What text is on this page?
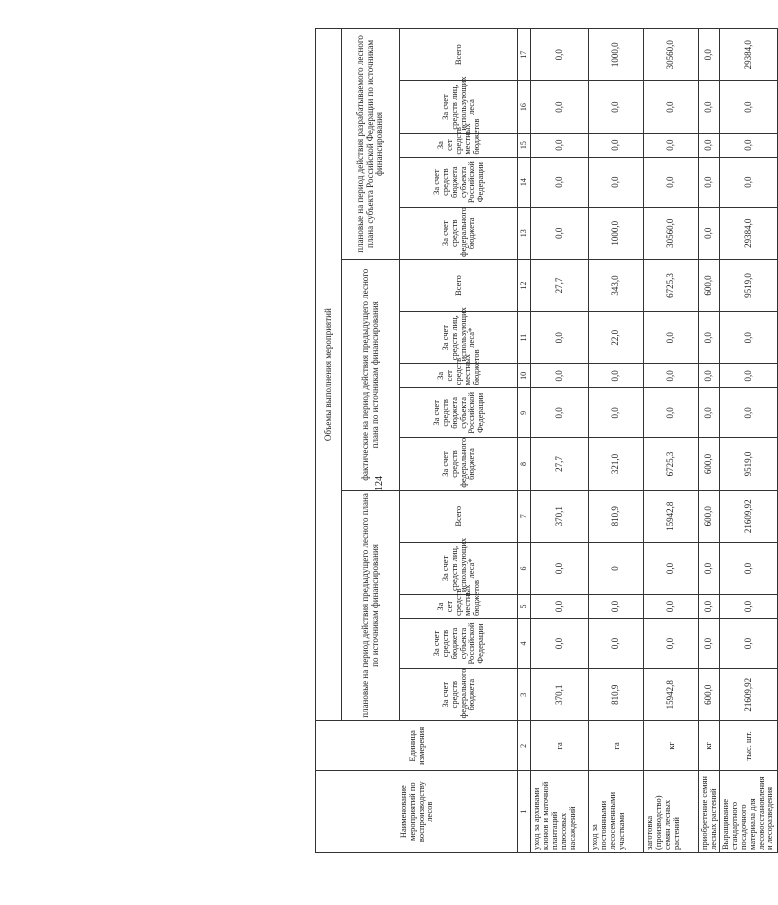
Наименование мероприятий по воспроизводству лесов	Единица измерения	Объемы выполнения мероприятий														
		плановые на период действия предыдущего лесного плана по источникам финансирования					фактические на период действия предыдущего лесного плана по источникам финансирования					плановые на период действия разрабатываемого лесного плана субъекта Российской Федерации по источникам финансирования				
		За счет средств федерального бюджета	За счет средств бюджета субъекта Российской Федерации	За сет средств местных бюджетов	За счет средств лиц, использующих леса*	Всего	За счет средств федерального бюджета	За счет средств бюджета субъекта Российской Федерации	За сет средств местных бюджетов	За счет средств лиц, использующих леса*	Всего	За счет средств федерального бюджета	За счет средств бюджета субъекта Российской Федерации	За сет средств местных бюджетов	За счет средств лиц, использующих леса	Всего
1	2	3	4	5	6	7	8	9	10	11	12	13	14	15	16	17
уход за архивами клонов и маточной плантаций плюсовых насаждений	га	370,1	0,0	0,0	0,0	370,1	27,7	0,0	0,0	0,0	27,7	0,0	0,0	0,0	0,0	0,0
уход за постоянными лесосеменными участками	га	810,9	0,0	0,0	0	810,9	321,0	0,0	0,0	22,0	343,0	1000,0	0,0	0,0	0,0	1000,0
заготовка (производство) семян лесных растений	кг	15942,8	0,0	0,0	0,0	15942,8	6725,3	0,0	0,0	0,0	6725,3	30560,0	0,0	0,0	0,0	30560,0
приобретение семян лесных растений	кг	600,0	0,0	0,0	0,0	600,0	600,0	0,0	0,0	0,0	600,0	0,0	0,0	0,0	0,0	0,0
Выращивание стандартного посадочного материала для лесовосстановления и лесоразведения	тыс. шт.	21609,92	0,0	0,0	0,0	21609,92	9519,0	0,0	0,0	0,0	9519,0	29384,0	0,0	0,0	0,0	29384,0
124
